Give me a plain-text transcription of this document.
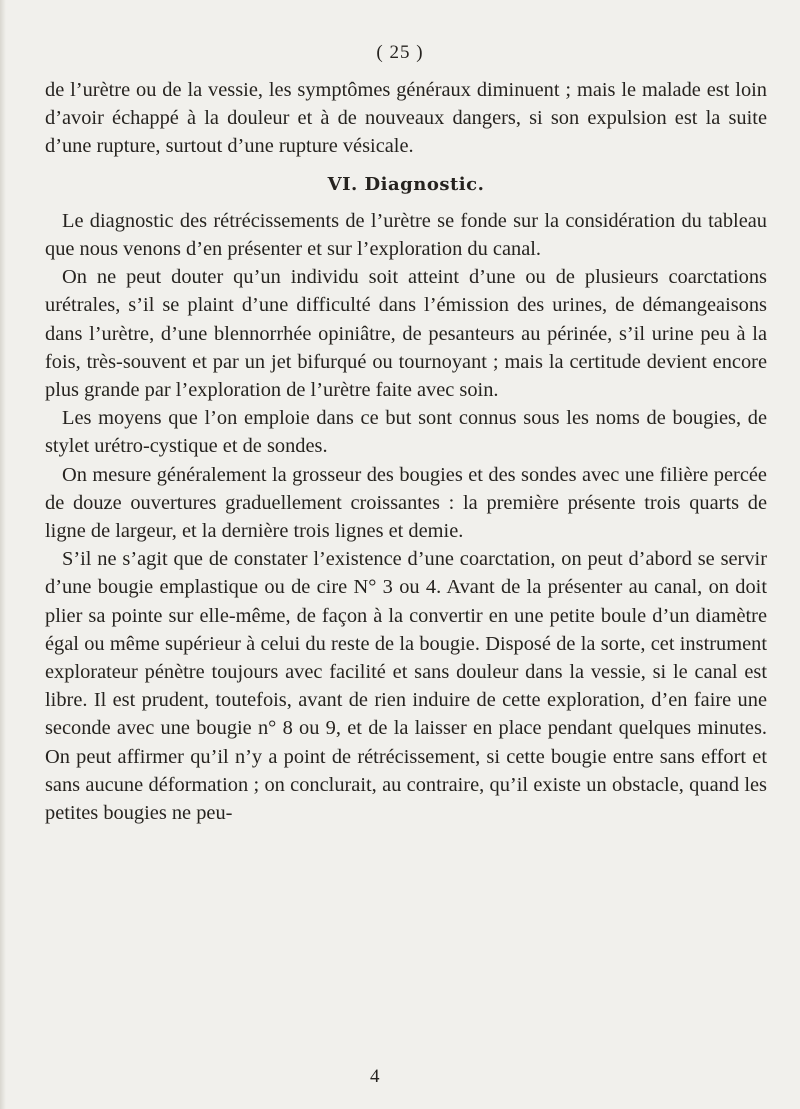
( 25 )

de l’urètre ou de la vessie, les symptômes généraux diminuent ; mais le malade est loin d’avoir échappé à la douleur et à de nouveaux dangers, si son expulsion est la suite d’une rupture, surtout d’une rupture vésicale.

VI. Diagnostic.

Le diagnostic des rétrécissements de l’urètre se fonde sur la considération du tableau que nous venons d’en présenter et sur l’exploration du canal.

On ne peut douter qu’un individu soit atteint d’une ou de plusieurs coarctations urétrales, s’il se plaint d’une difficulté dans l’émission des urines, de démangeaisons dans l’urètre, d’une blennorrhée opiniâtre, de pesanteurs au périnée, s’il urine peu à la fois, très-souvent et par un jet bifurqué ou tournoyant ; mais la certitude devient encore plus grande par l’exploration de l’urètre faite avec soin.

Les moyens que l’on emploie dans ce but sont connus sous les noms de bougies, de stylet urétro-cystique et de sondes.

On mesure généralement la grosseur des bougies et des sondes avec une filière percée de douze ouvertures graduellement croissantes : la première présente trois quarts de ligne de largeur, et la dernière trois lignes et demie.

S’il ne s’agit que de constater l’existence d’une coarctation, on peut d’abord se servir d’une bougie emplastique ou de cire N° 3 ou 4. Avant de la présenter au canal, on doit plier sa pointe sur elle-même, de façon à la convertir en une petite boule d’un diamètre égal ou même supérieur à celui du reste de la bougie. Disposé de la sorte, cet instrument explorateur pénètre toujours avec facilité et sans douleur dans la vessie, si le canal est libre. Il est prudent, toutefois, avant de rien induire de cette exploration, d’en faire une seconde avec une bougie n° 8 ou 9, et de la laisser en place pendant quelques minutes. On peut affirmer qu’il n’y a point de rétrécissement, si cette bougie entre sans effort et sans aucune déformation ; on conclurait, au contraire, qu’il existe un obstacle, quand les petites bougies ne peu-

4
